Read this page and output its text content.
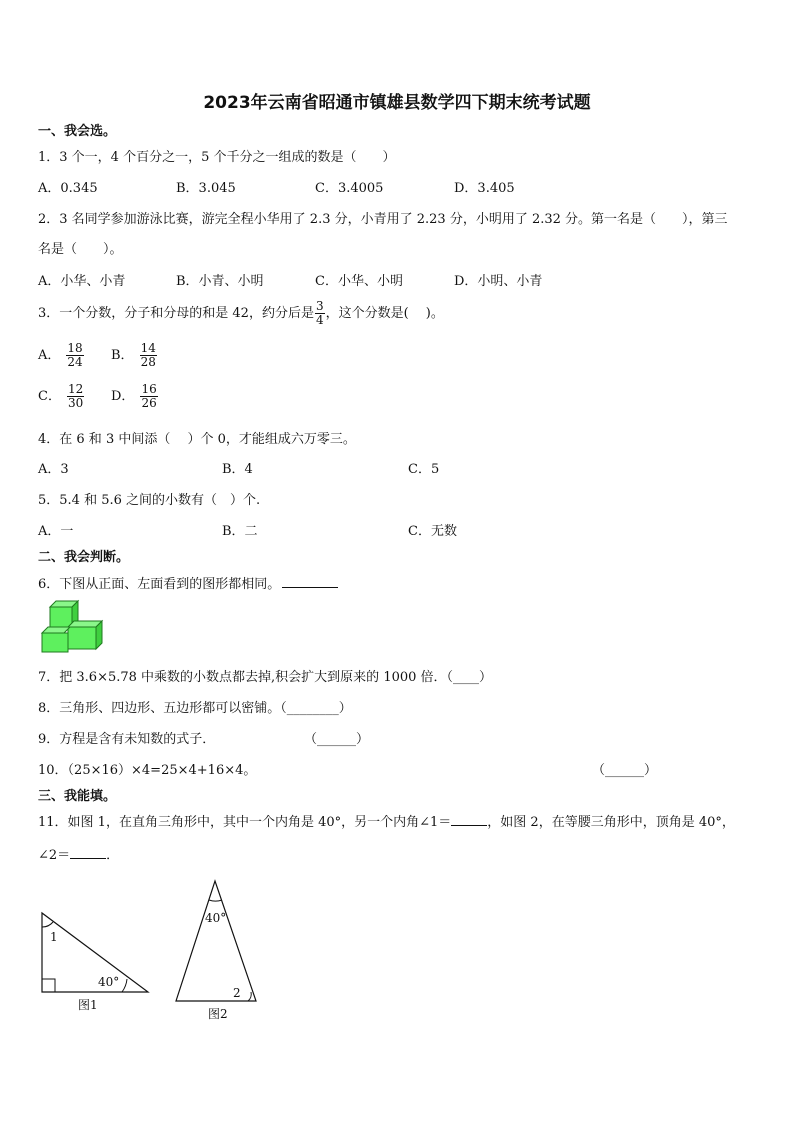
2023年云南省昭通市镇雄县数学四下期末统考试题
一、我会选。
1．3 个一，4 个百分之一，5 个千分之一组成的数是（　　）
A．0.345	B．3.045	C．3.4005	D．3.405
2．3 名同学参加游泳比赛，游完全程小华用了 2.3 分，小青用了 2.23 分，小明用了 2.32 分。第一名是（　　），第三
名是（　　）。
A．小华、小青	B．小青、小明	C．小华、小明	D．小明、小青
3．一个分数，分子和分母的和是 42，约分后是 $\frac{3}{4}$ ，这个分数是(　 )。
A． $\frac{18}{24}$ B． $\frac{14}{28}$
C． $\frac{12}{30}$ D． $\frac{16}{26}$
4．在 6 和 3 中间添（　 ）个 0，才能组成六万零三。
A．3	B．4	C．5
5．5.4 和 5.6 之间的小数有（　）个.
A．一	B．二	C．无数
二、我会判断。
6．下图从正面、左面看到的图形都相同。
7．把 3.6×5.78 中乘数的小数点都去掉,积会扩大到原来的 1000 倍．（____）
8．三角形、四边形、五边形都可以密铺。（________）
9．方程是含有未知数的式子．	（______）
10．（25×16）×4=25×4+16×4。	（______）
三、我能填。
11．如图 1，在直角三角形中，其中一个内角是 40°，另一个内角∠1＝	，如图 2，在等腰三角形中，顶角是 40°，
∠2＝	．
1
40°
图1
40°
2
图2
